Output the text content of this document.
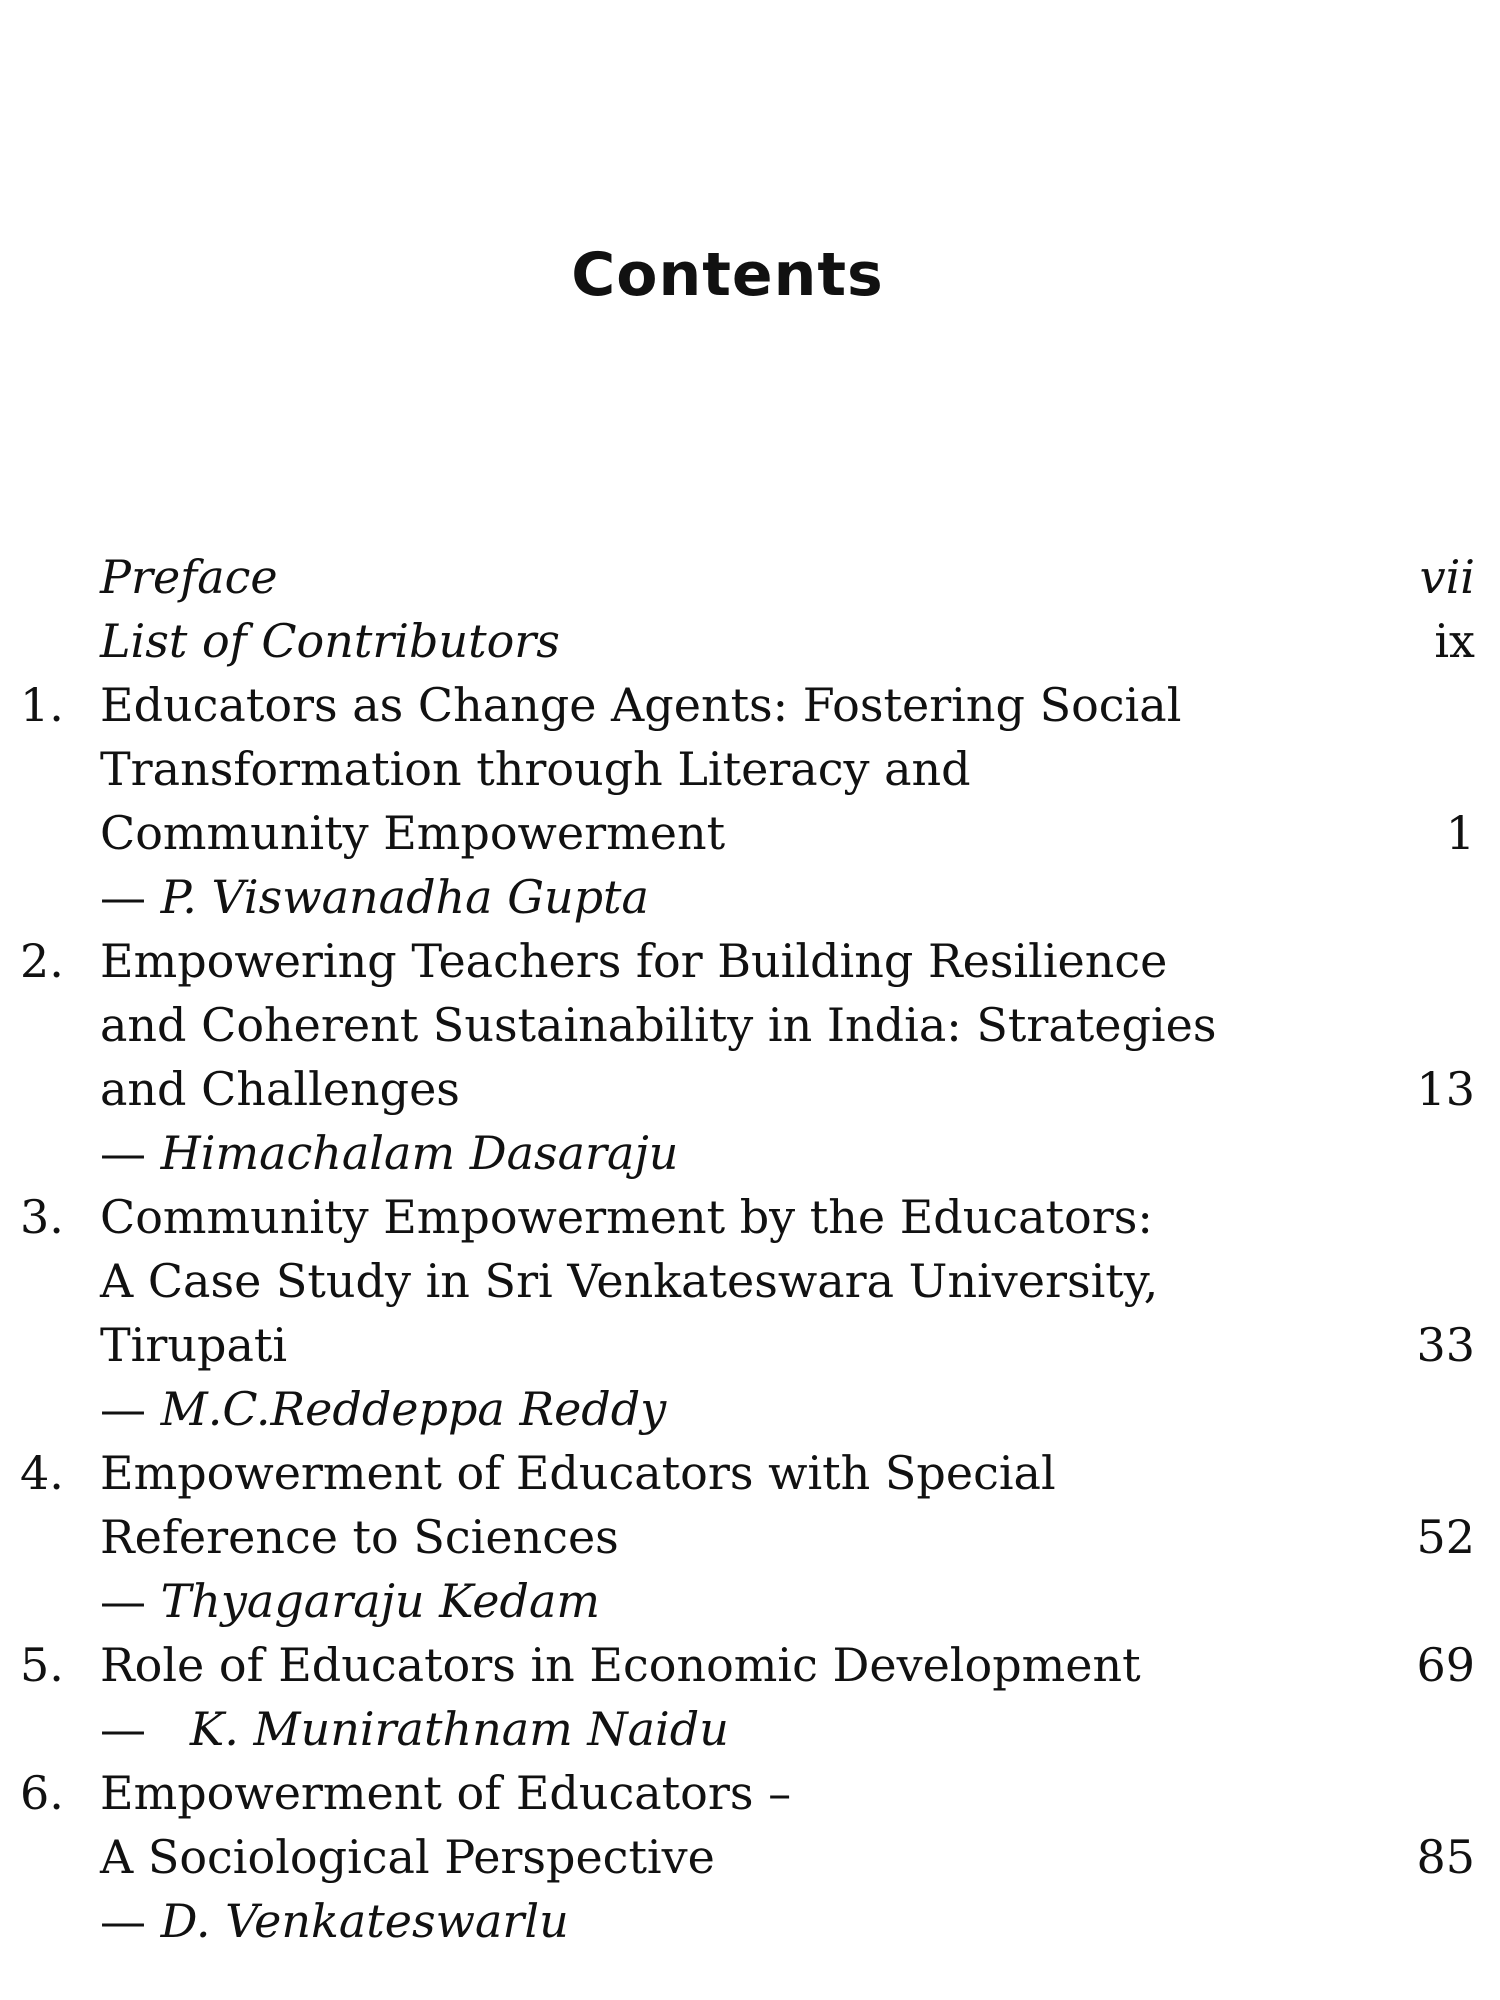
Contents
Preface	vii
List of Contributors	ix
1. Educators as Change Agents: Fostering Social
Transformation through Literacy and
Community Empowerment	1
— P. Viswanadha Gupta
2. Empowering Teachers for Building Resilience
and Coherent Sustainability in India: Strategies
and Challenges	13
— Himachalam Dasaraju
3. Community Empowerment by the Educators:
A Case Study in Sri Venkateswara University,
Tirupati	33
— M.C.Reddeppa Reddy
4. Empowerment of Educators with Special
Reference to Sciences	52
— Thyagaraju Kedam
5. Role of Educators in Economic Development	69
— K. Munirathnam Naidu
6. Empowerment of Educators –
A Sociological Perspective	85
— D. Venkateswarlu
